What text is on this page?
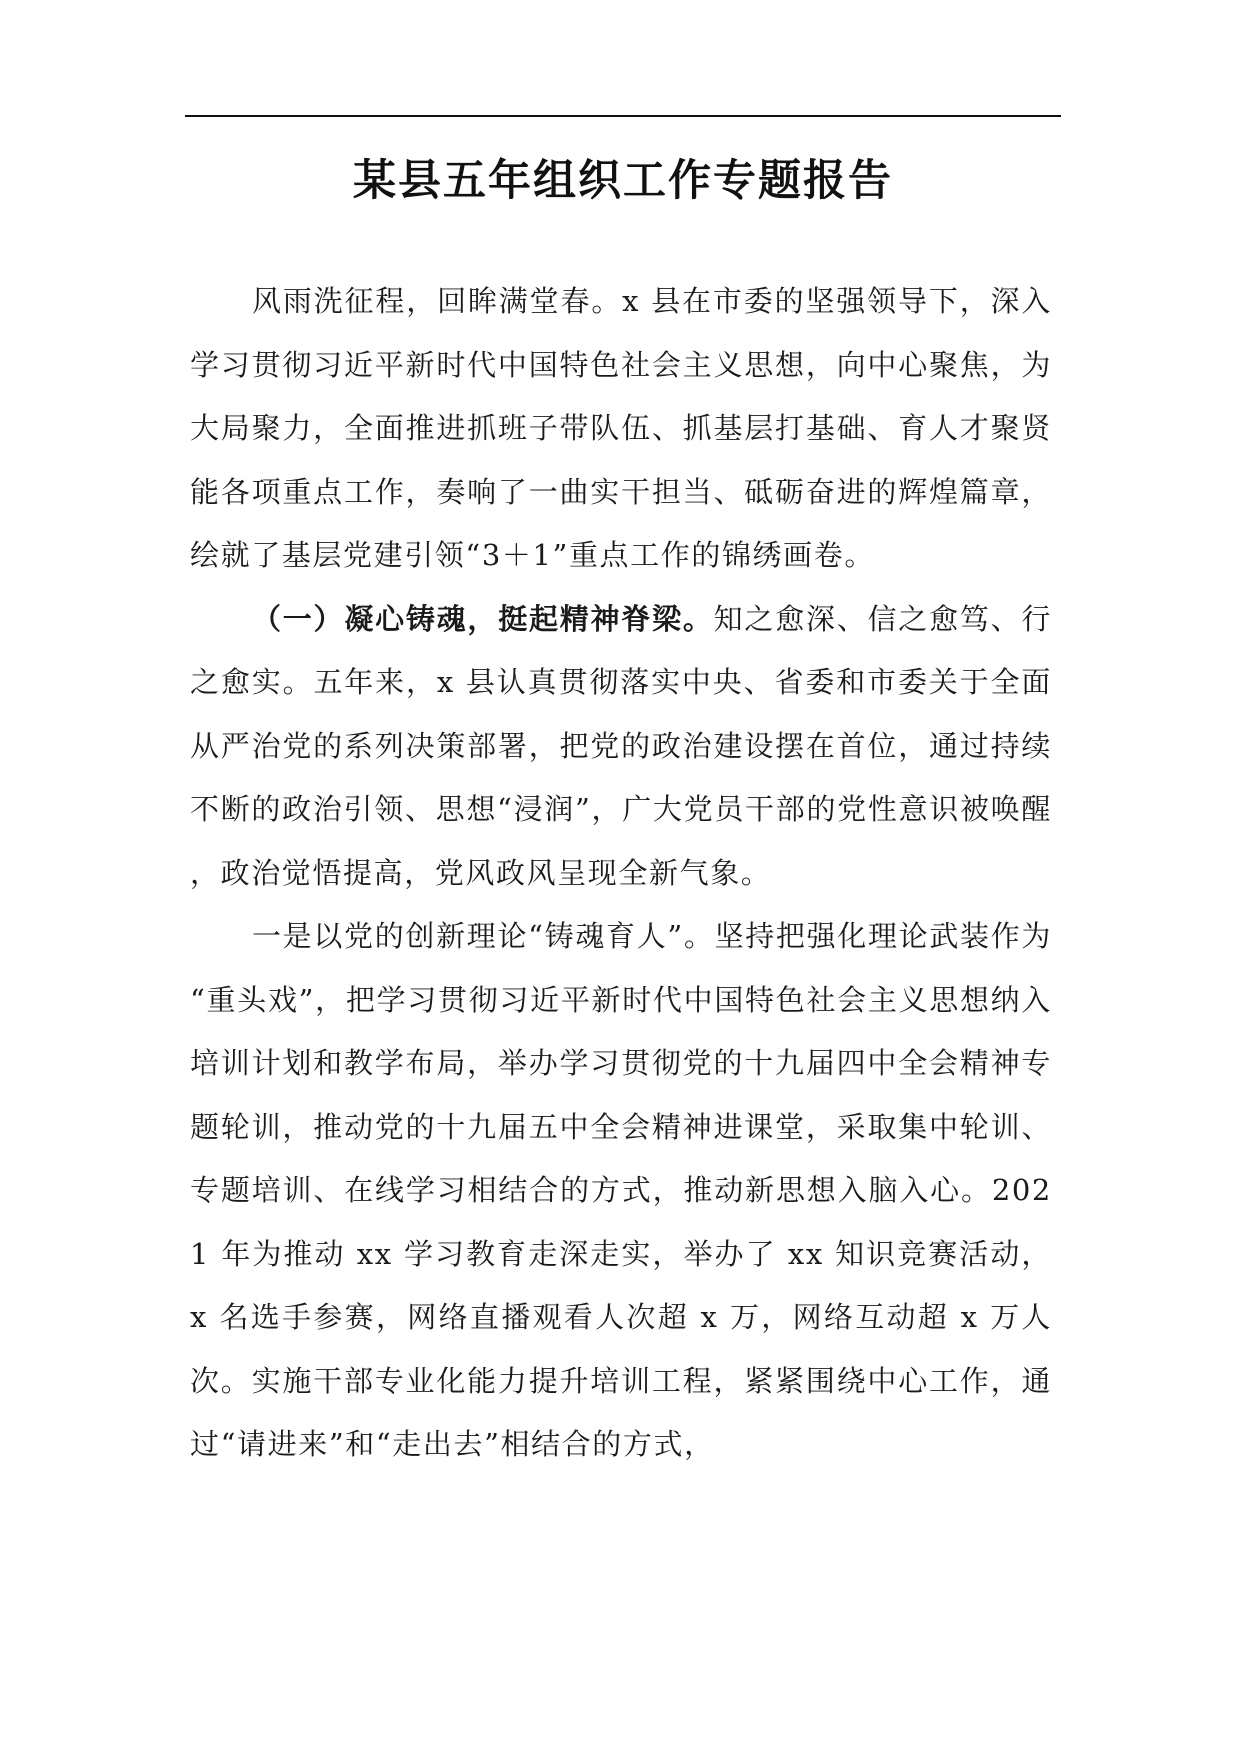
某县五年组织工作专题报告

风雨洗征程，回眸满堂春。x 县在市委的坚强领导下，深入学习贯彻习近平新时代中国特色社会主义思想，向中心聚焦，为大局聚力，全面推进抓班子带队伍、抓基层打基础、育人才聚贤能各项重点工作，奏响了一曲实干担当、砥砺奋进的辉煌篇章，绘就了基层党建引领“3＋1”重点工作的锦绣画卷。

（一）凝心铸魂，挺起精神脊梁。知之愈深、信之愈笃、行之愈实。五年来，x 县认真贯彻落实中央、省委和市委关于全面从严治党的系列决策部署，把党的政治建设摆在首位，通过持续不断的政治引领、思想“浸润”，广大党员干部的党性意识被唤醒，政治觉悟提高，党风政风呈现全新气象。

一是以党的创新理论“铸魂育人”。坚持把强化理论武装作为“重头戏”，把学习贯彻习近平新时代中国特色社会主义思想纳入培训计划和教学布局，举办学习贯彻党的十九届四中全会精神专题轮训，推动党的十九届五中全会精神进课堂，采取集中轮训、专题培训、在线学习相结合的方式，推动新思想入脑入心。2021 年为推动 xx 学习教育走深走实，举办了 xx 知识竞赛活动，x 名选手参赛，网络直播观看人次超 x 万，网络互动超 x 万人次。实施干部专业化能力提升培训工程，紧紧围绕中心工作，通过“请进来”和“走出去”相结合的方式，
